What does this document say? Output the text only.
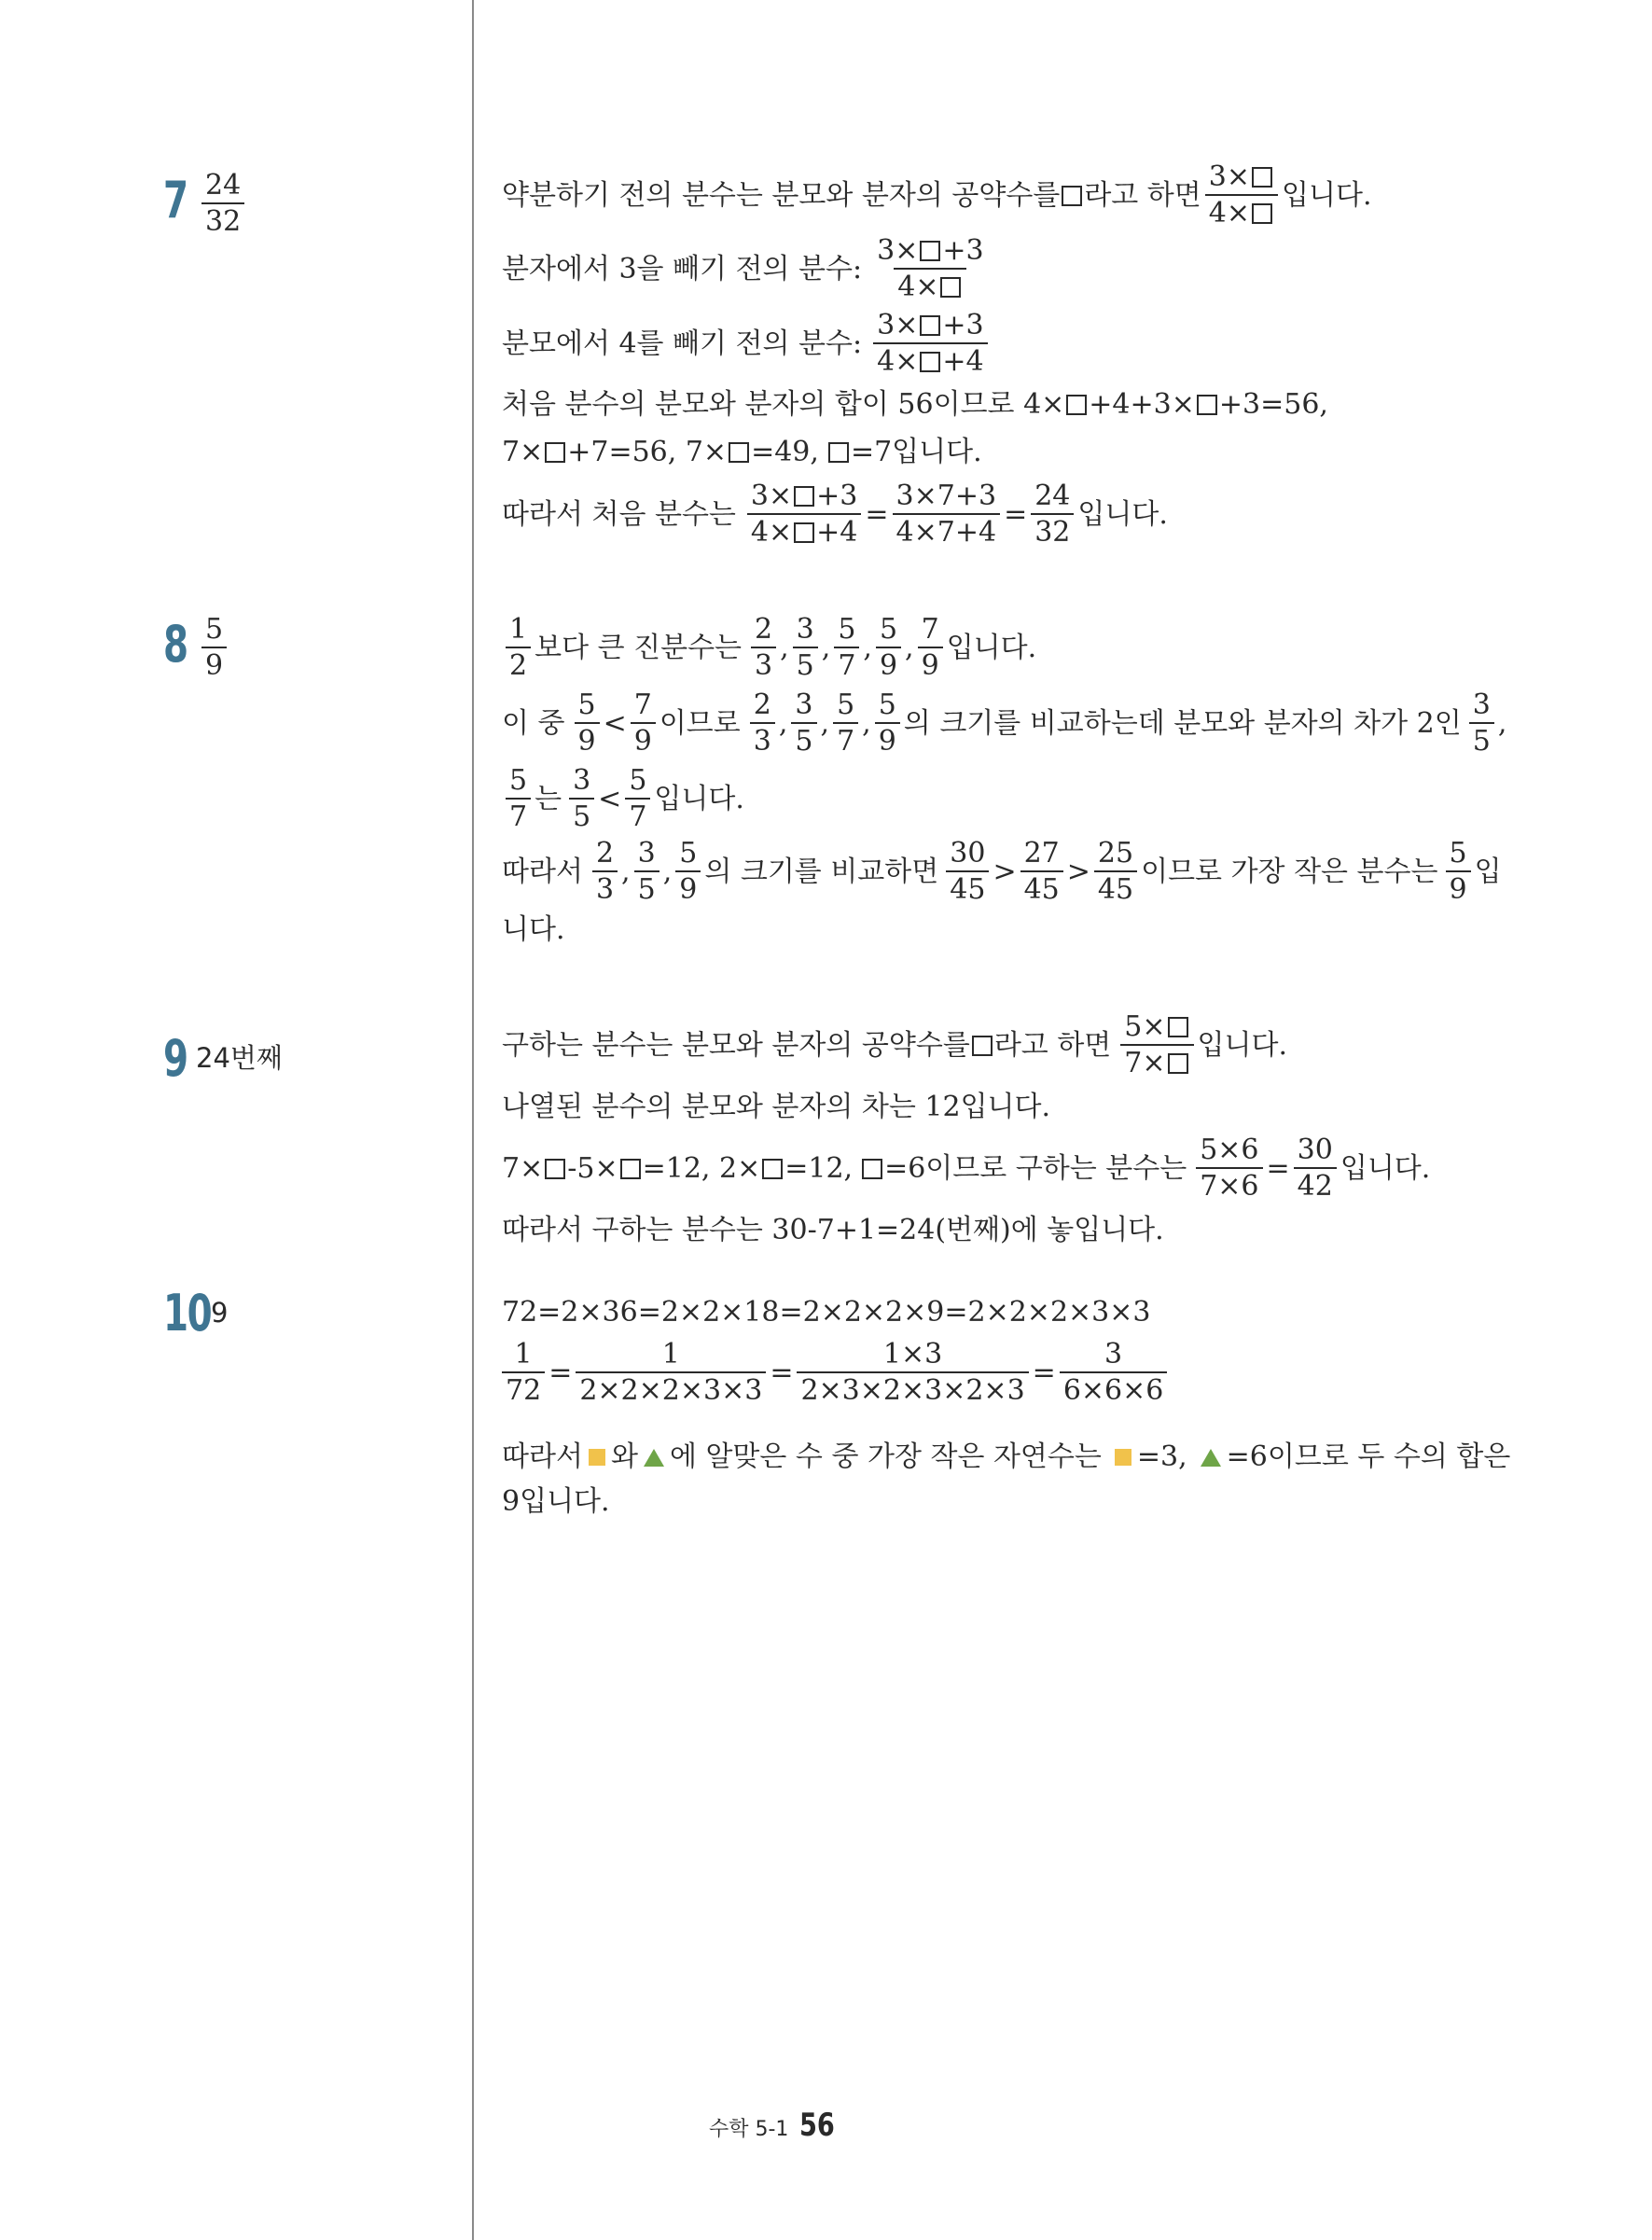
$7 \frac{24}{32}$	약분하기 전의 분수는 분모와 분자의 공약수를 라고 하면 $\frac{3\times}{4\times}$ 입니다.
분자에서 3을 빼기 전의 분수: $\frac{3\times +3}{4\times}$
분모에서 4를 빼기 전의 분수: $\frac{3\times +3}{4\times +4}$
처음 분수의 분모와 분자의 합이 56이므로 4× +4+3× +3=56,
7× +7=56, 7× =49, =7입니다.
따라서 처음 분수는 $\frac{3\times +3}{4\times +4} = \frac{3\times 7+3}{4\times 7+4} = \frac{24}{32}$ 입니다.
$8 \frac{5}{9}$	$\frac{1}{2}$ 보다 큰 진분수는 $\frac{2}{3}$ , $\frac{3}{5}$ , $\frac{5}{7}$ , $\frac{5}{9}$ , $\frac{7}{9}$ 입니다.
이 중 $\frac{5}{9} < \frac{7}{9}$ 이므로 $\frac{2}{3}$ , $\frac{3}{5}$ , $\frac{5}{7}$ , $\frac{5}{9}$ 의 크기를 비교하는데 분모와 분자의 차가 2인 $\frac{3}{5}$ ,
$\frac{5}{7}$ 는 $\frac{3}{5} < \frac{5}{7}$ 입니다.
따라서 $\frac{2}{3}$ , $\frac{3}{5}$ , $\frac{5}{9}$ 의 크기를 비교하면 $\frac{30}{45} > \frac{27}{45} > \frac{25}{45}$ 이므로 가장 작은 분수는 $\frac{5}{9}$ 입
니다.
9 24번째	구하는 분수는 분모와 분자의 공약수를 라고 하면 $\frac{5\times}{7\times}$ 입니다.
나열된 분수의 분모와 분자의 차는 12입니다.
7× -5× =12, 2× =12, =6이므로 구하는 분수는 $\frac{5\times 6}{7\times 6} = \frac{30}{42}$ 입니다.
따라서 구하는 분수는 30-7+1=24(번째)에 놓입니다.
10 9	72=2×36=2×2×18=2×2×2×9=2×2×2×3×3
$\frac{1}{72} = \frac{1}{2\times 2\times 2\times 3\times 3} = \frac{1\times 3}{2\times 3\times 2\times 3\times 2\times 3} = \frac{3}{6\times 6\times 6}$
따라서 와 에 알맞은 수 중 가장 작은 자연수는 =3, =6이므로 두 수의 합은
9입니다.
수학 5-1 56
